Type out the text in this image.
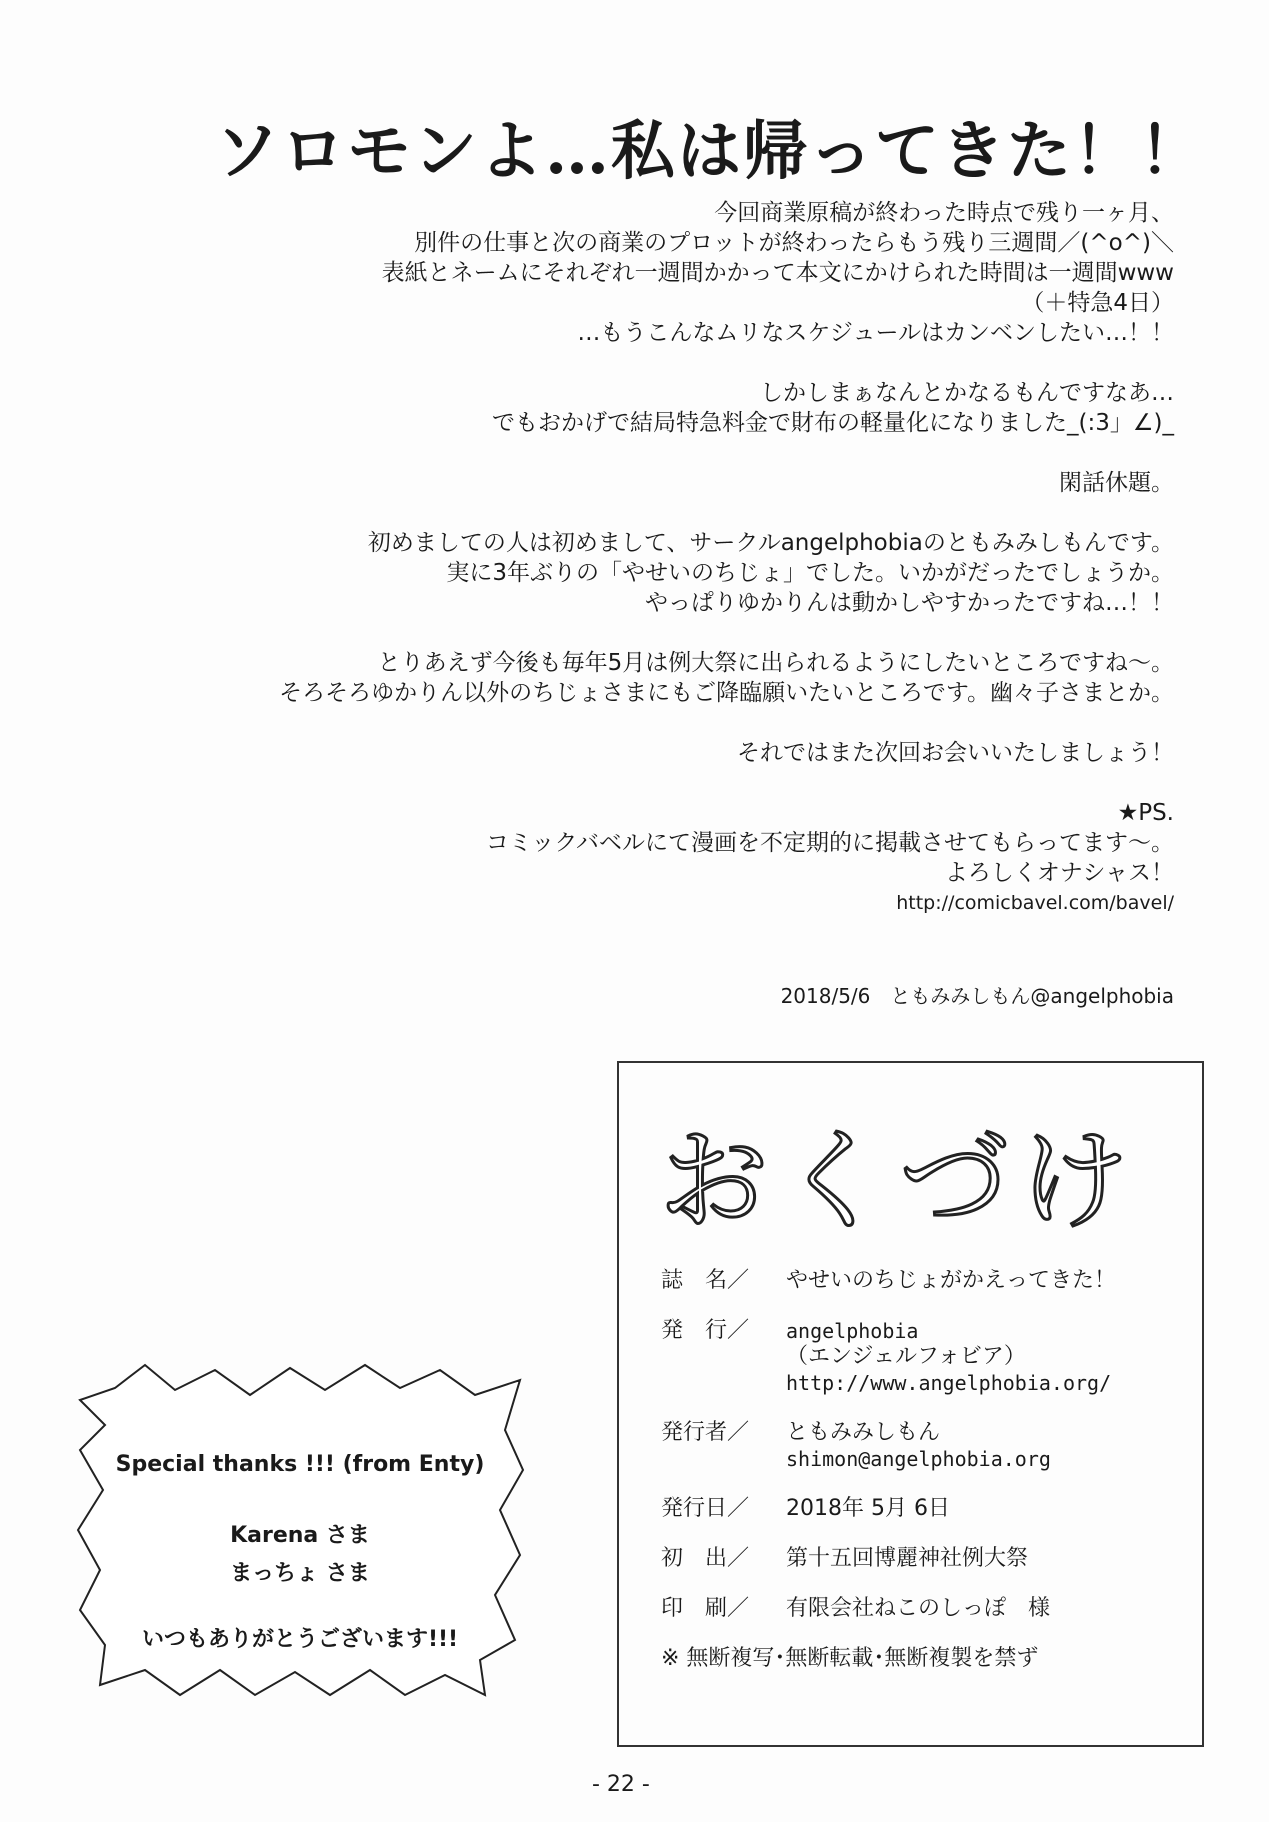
ソロモンよ…私は帰ってきた！！
今回商業原稿が終わった時点で残り一ヶ月、
別件の仕事と次の商業のプロットが終わったらもう残り三週間／(^o^)＼
表紙とネームにそれぞれ一週間かかって本文にかけられた時間は一週間www
（＋特急4日）
…もうこんなムリなスケジュールはカンベンしたい…！！
しかしまぁなんとかなるもんですなあ…
でもおかげで結局特急料金で財布の軽量化になりました_(:3」∠)_
閑話休題。
初めましての人は初めまして、サークルangelphobiaのともみみしもんです。
実に3年ぶりの「やせいのちじょ」でした。いかがだったでしょうか。
やっぱりゆかりんは動かしやすかったですね…！！
とりあえず今後も毎年5月は例大祭に出られるようにしたいところですね～。
そろそろゆかりん以外のちじょさまにもご降臨願いたいところです。幽々子さまとか。
それではまた次回お会いいたしましょう！
★PS.
コミックバベルにて漫画を不定期的に掲載させてもらってます～。
よろしくオナシャス！
http://comicbavel.com/bavel/
2018/5/6　ともみみしもん@angelphobia
Special thanks !!! (from Enty)
Karena さま
まっちょ さま
いつもありがとうございます!!!
おくづけ
誌　名／	やせいのちじょがかえってきた！
発　行／	angelphobia
（エンジェルフォビア）
http://www.angelphobia.org/
発行者／	ともみみしもん
shimon@angelphobia.org
発行日／	2018年 5月 6日
初　出／	第十五回博麗神社例大祭
印　刷／	有限会社ねこのしっぽ　様
※ 無断複写･無断転載･無断複製を禁ず
- 22 -
